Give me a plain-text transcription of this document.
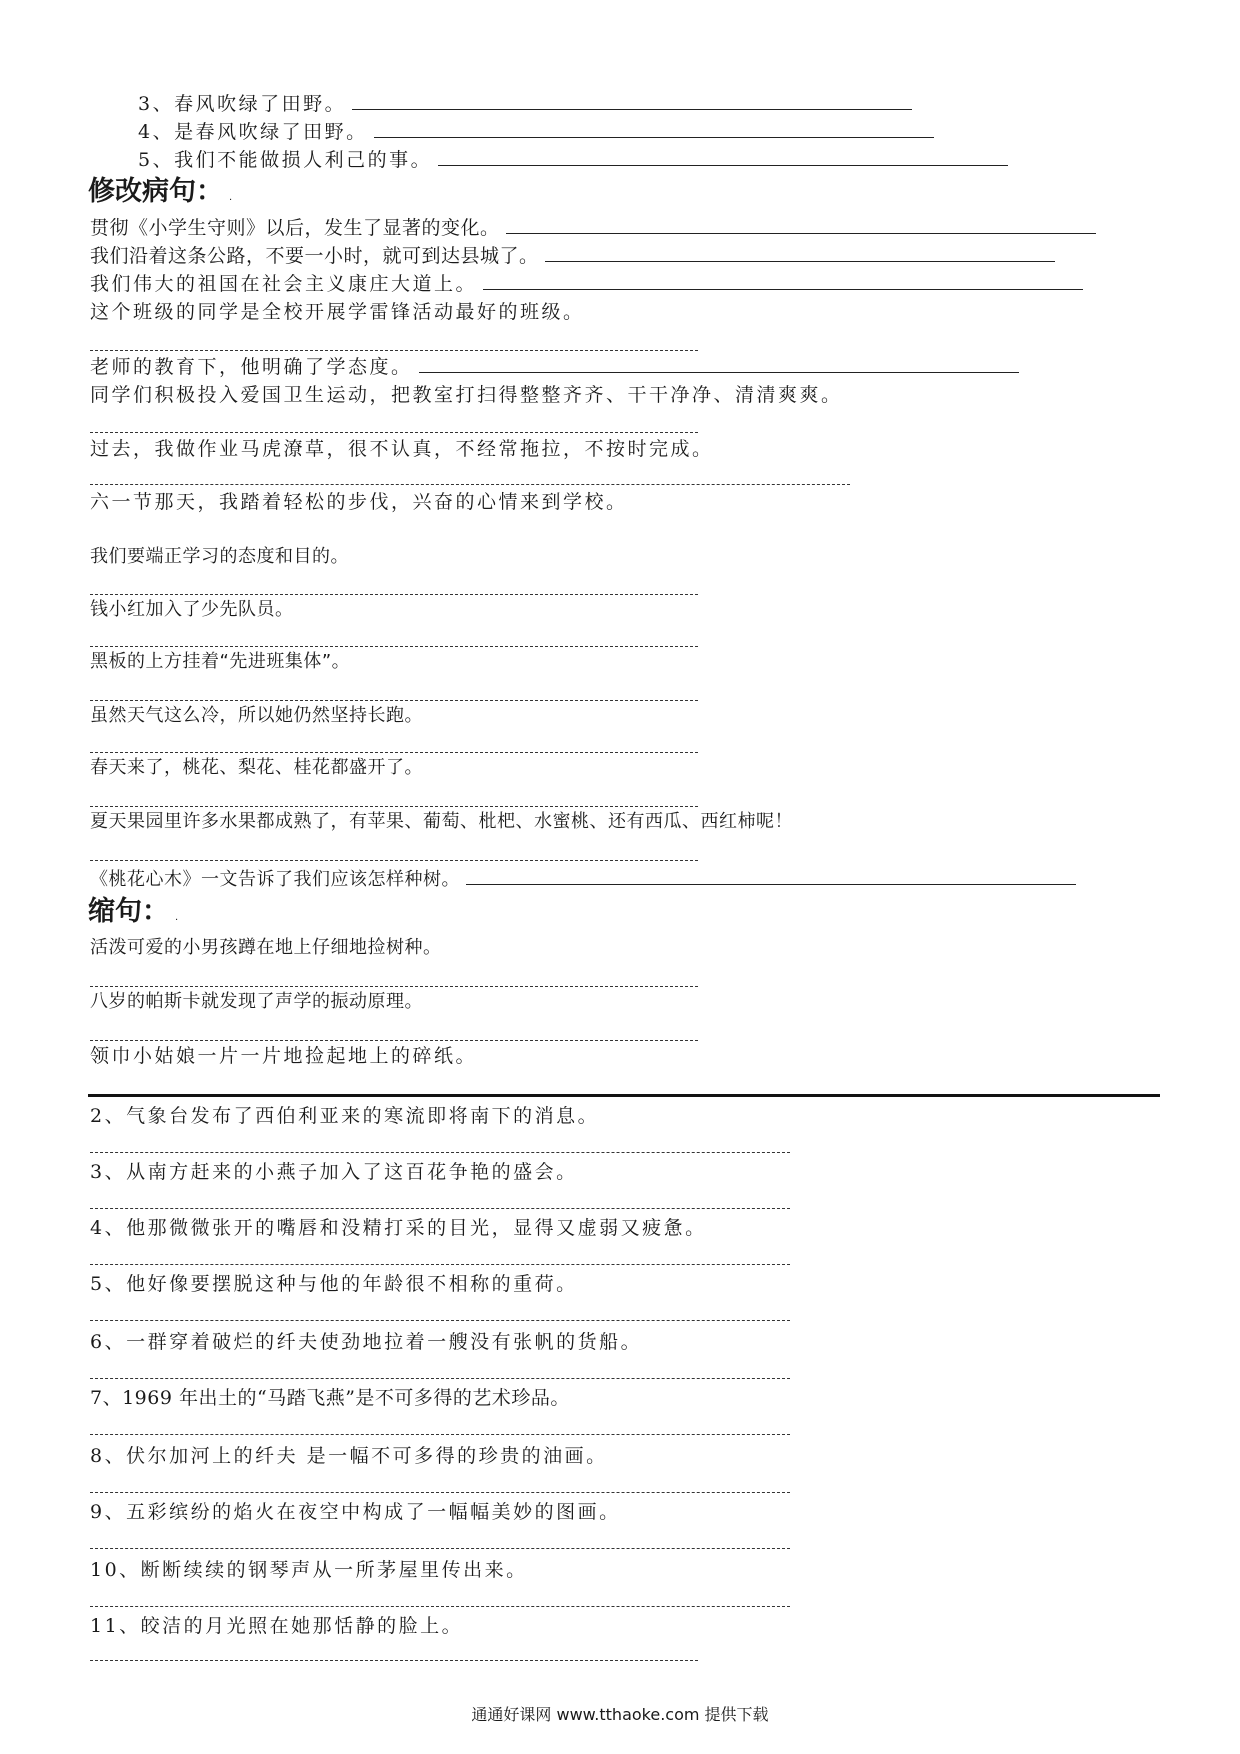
3、春风吹绿了田野。
4、是春风吹绿了田野。
5、我们不能做损人利己的事。
修改病句： .
贯彻《小学生守则》以后，发生了显著的变化。
我们沿着这条公路，不要一小时，就可到达县城了。
我们伟大的祖国在社会主义康庄大道上。
这个班级的同学是全校开展学雷锋活动最好的班级。
老师的教育下，他明确了学态度。
同学们积极投入爱国卫生运动，把教室打扫得整整齐齐、干干净净、清清爽爽。
过去，我做作业马虎潦草，很不认真，不经常拖拉，不按时完成。
六一节那天，我踏着轻松的步伐，兴奋的心情来到学校。
我们要端正学习的态度和目的。
钱小红加入了少先队员。
黑板的上方挂着“先进班集体”。
虽然天气这么冷，所以她仍然坚持长跑。
春天来了，桃花、梨花、桂花都盛开了。
夏天果园里许多水果都成熟了，有苹果、葡萄、枇杷、水蜜桃、还有西瓜、西红柿呢！
《桃花心木》一文告诉了我们应该怎样种树。
缩句： .
活泼可爱的小男孩蹲在地上仔细地捡树种。
八岁的帕斯卡就发现了声学的振动原理。
领巾小姑娘一片一片地捡起地上的碎纸。
2、气象台发布了西伯利亚来的寒流即将南下的消息。
3、从南方赶来的小燕子加入了这百花争艳的盛会。
4、他那微微张开的嘴唇和没精打采的目光，显得又虚弱又疲惫。
5、他好像要摆脱这种与他的年龄很不相称的重荷。
6、一群穿着破烂的纤夫使劲地拉着一艘没有张帆的货船。
7、1969 年出土的“马踏飞燕”是不可多得的艺术珍品。
8、伏尔加河上的纤夫 是一幅不可多得的珍贵的油画。
9、五彩缤纷的焰火在夜空中构成了一幅幅美妙的图画。
10、断断续续的钢琴声从一所茅屋里传出来。
11、皎洁的月光照在她那恬静的脸上。
通通好课网 www.tthaoke.com 提供下载
